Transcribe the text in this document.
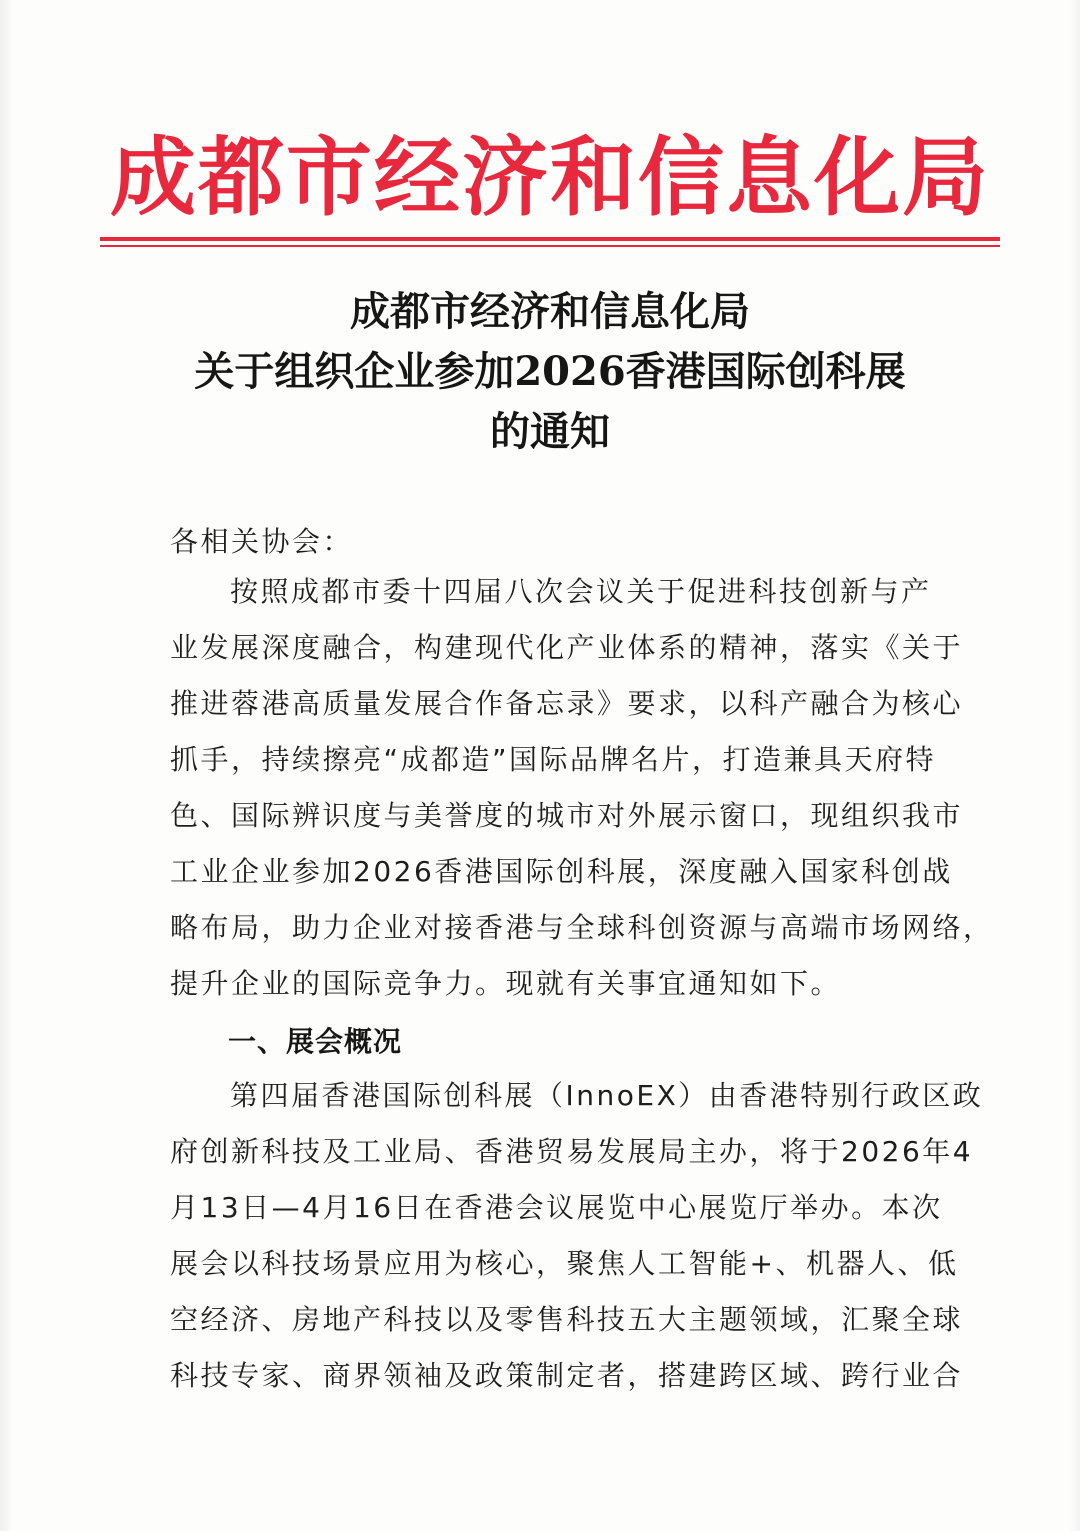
成都市经济和信息化局
成都市经济和信息化局
关于组织企业参加2026香港国际创科展
的通知
各相关协会：
按照成都市委十四届八次会议关于促进科技创新与产
业发展深度融合，构建现代化产业体系的精神，落实《关于
推进蓉港高质量发展合作备忘录》要求，以科产融合为核心
抓手，持续擦亮“成都造”国际品牌名片，打造兼具天府特
色、国际辨识度与美誉度的城市对外展示窗口，现组织我市
工业企业参加2026香港国际创科展，深度融入国家科创战
略布局，助力企业对接香港与全球科创资源与高端市场网络，
提升企业的国际竞争力。现就有关事宜通知如下。
一、展会概况
第四届香港国际创科展（InnoEX）由香港特别行政区政
府创新科技及工业局、香港贸易发展局主办，将于2026年4
月13日—4月16日在香港会议展览中心展览厅举办。本次
展会以科技场景应用为核心，聚焦人工智能+、机器人、低
空经济、房地产科技以及零售科技五大主题领域，汇聚全球
科技专家、商界领袖及政策制定者，搭建跨区域、跨行业合
